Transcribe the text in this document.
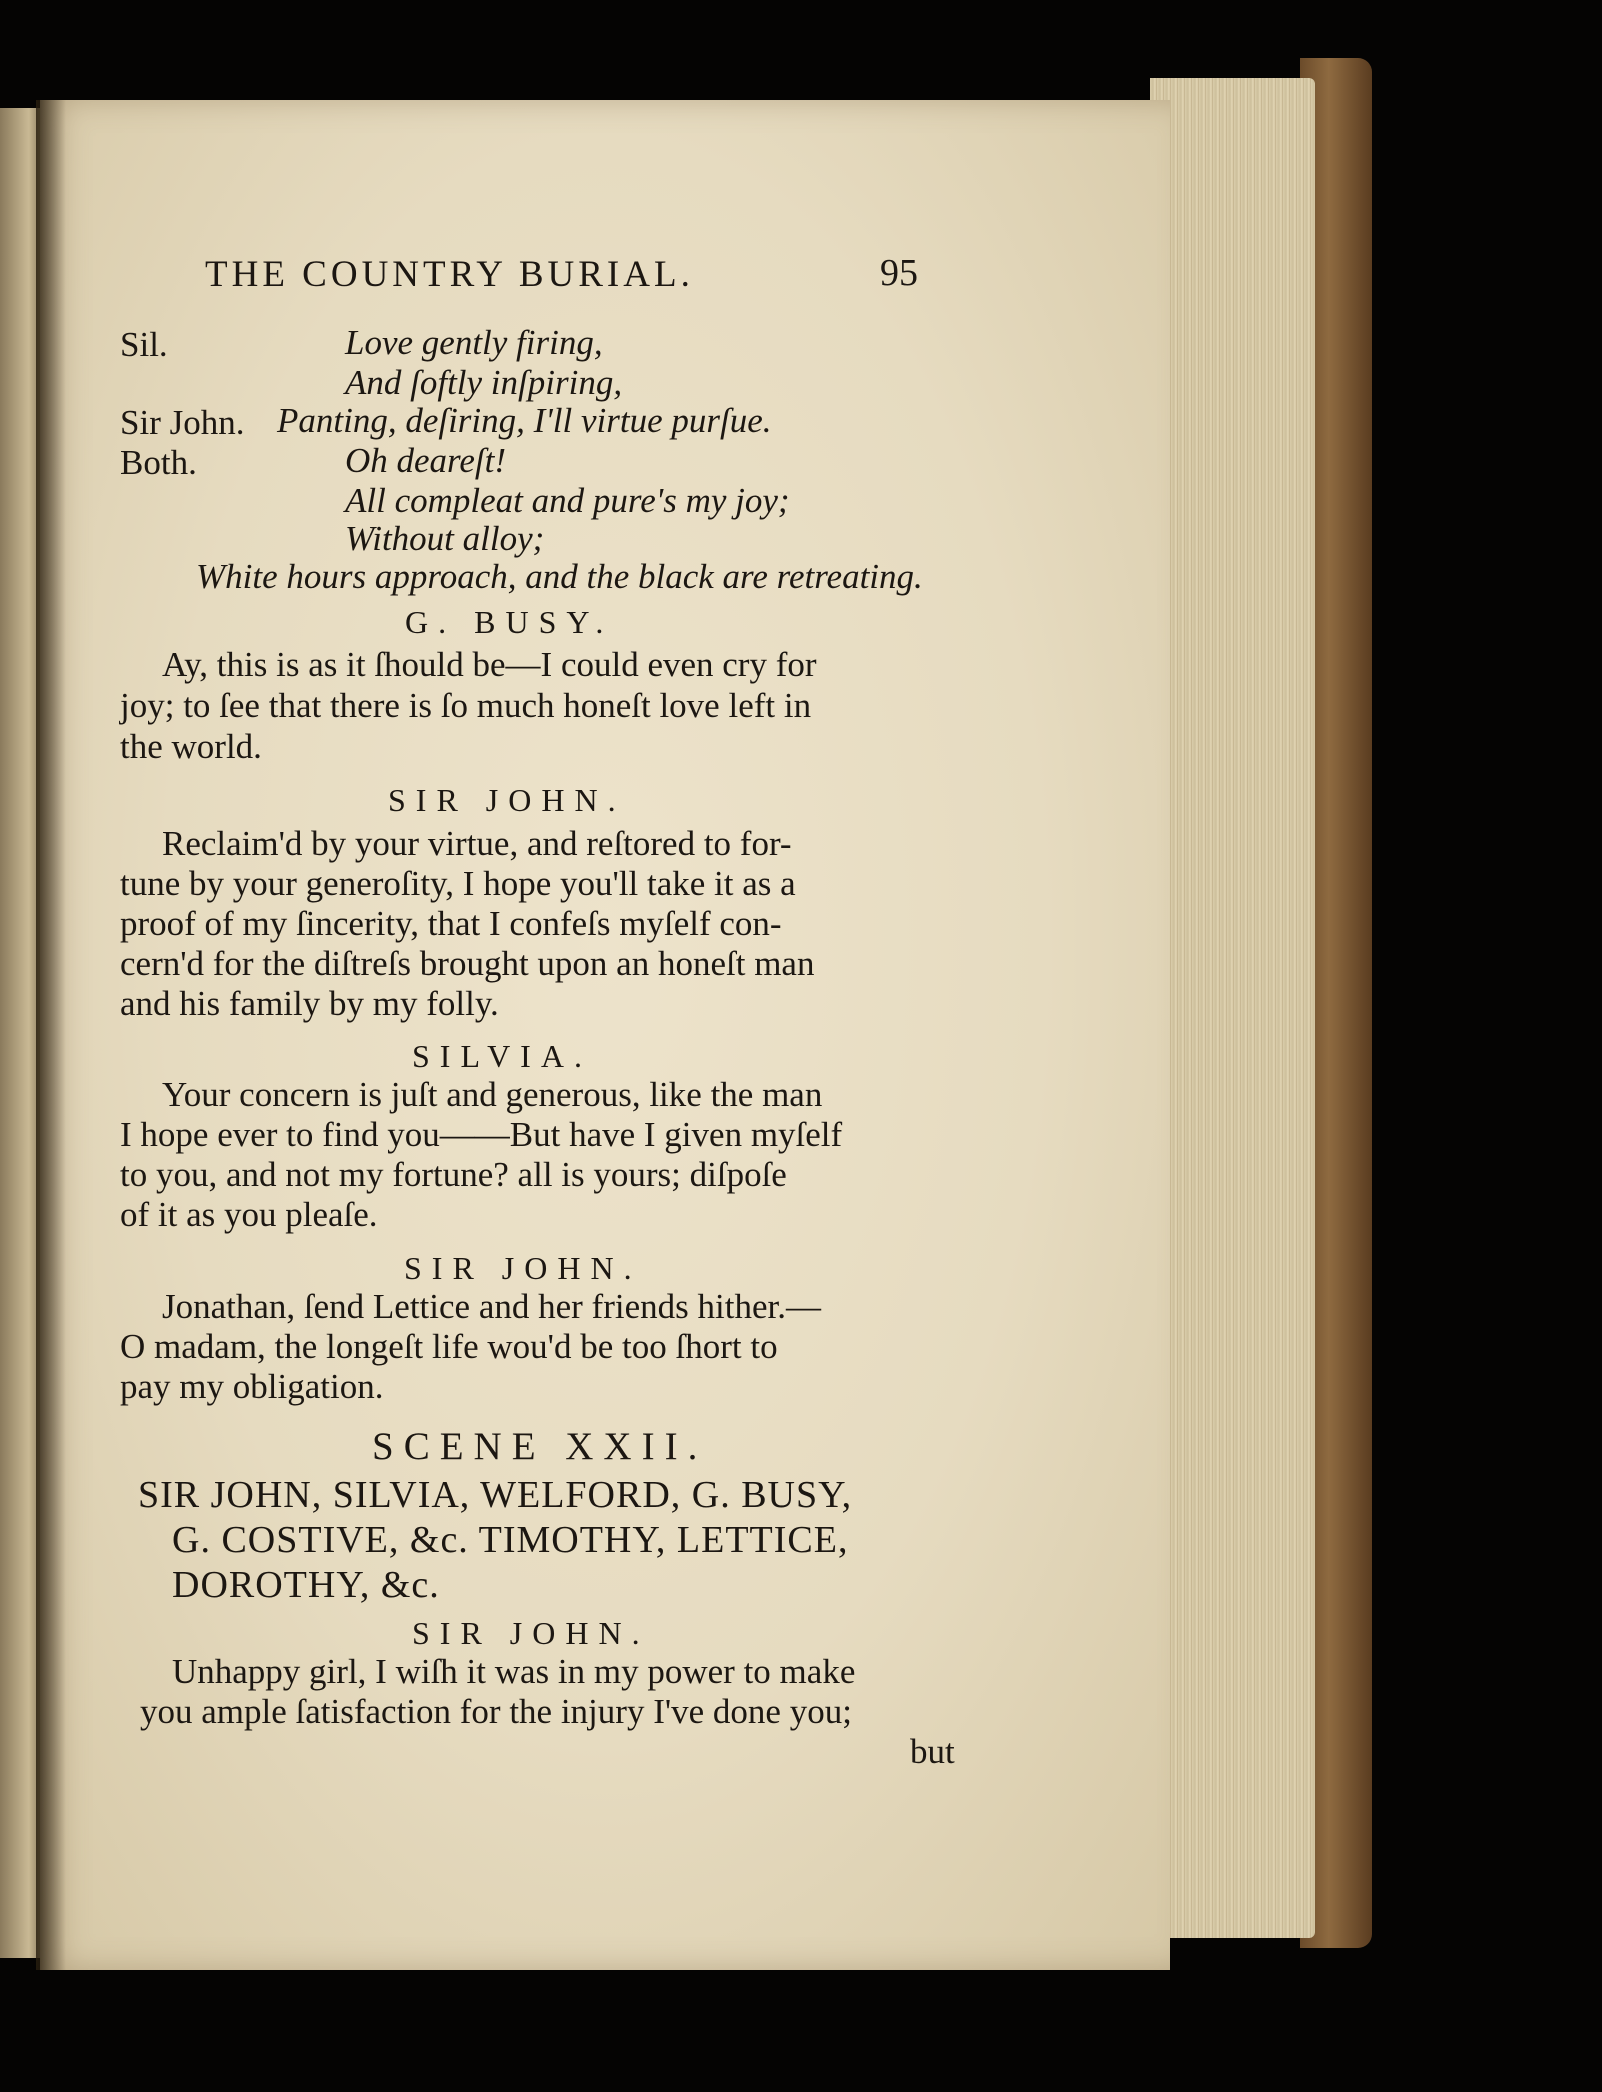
THE COUNTRY BURIAL.	95
Sil.	Love gently firing,
And ſoftly inſpiring,
Sir John. Panting, deſiring, I'll virtue purſue.
Both.	Oh deareſt!
All compleat and pure's my joy;
Without alloy;
White hours approach, and the black are retreating.
G. BUSY.
Ay, this is as it ſhould be—I could even cry for
joy; to ſee that there is ſo much honeſt love left in
the world.
SIR JOHN.
Reclaim'd by your virtue, and reſtored to for-
tune by your generoſity, I hope you'll take it as a
proof of my ſincerity, that I confeſs myſelf con-
cern'd for the diſtreſs brought upon an honeſt man
and his family by my folly.
SILVIA.
Your concern is juſt and generous, like the man
I hope ever to find you——But have I given myſelf
to you, and not my fortune? all is yours; diſpoſe
of it as you pleaſe.
SIR JOHN.
Jonathan, ſend Lettice and her friends hither.—
O madam, the longeſt life wou'd be too ſhort to
pay my obligation.
SCENE XXII.
SIR JOHN, SILVIA, WELFORD, G. BUSY,
G. COSTIVE, &c. TIMOTHY, LETTICE,
DOROTHY, &c.
SIR JOHN.
Unhappy girl, I wiſh it was in my power to make
you ample ſatisfaction for the injury I've done you;
but
